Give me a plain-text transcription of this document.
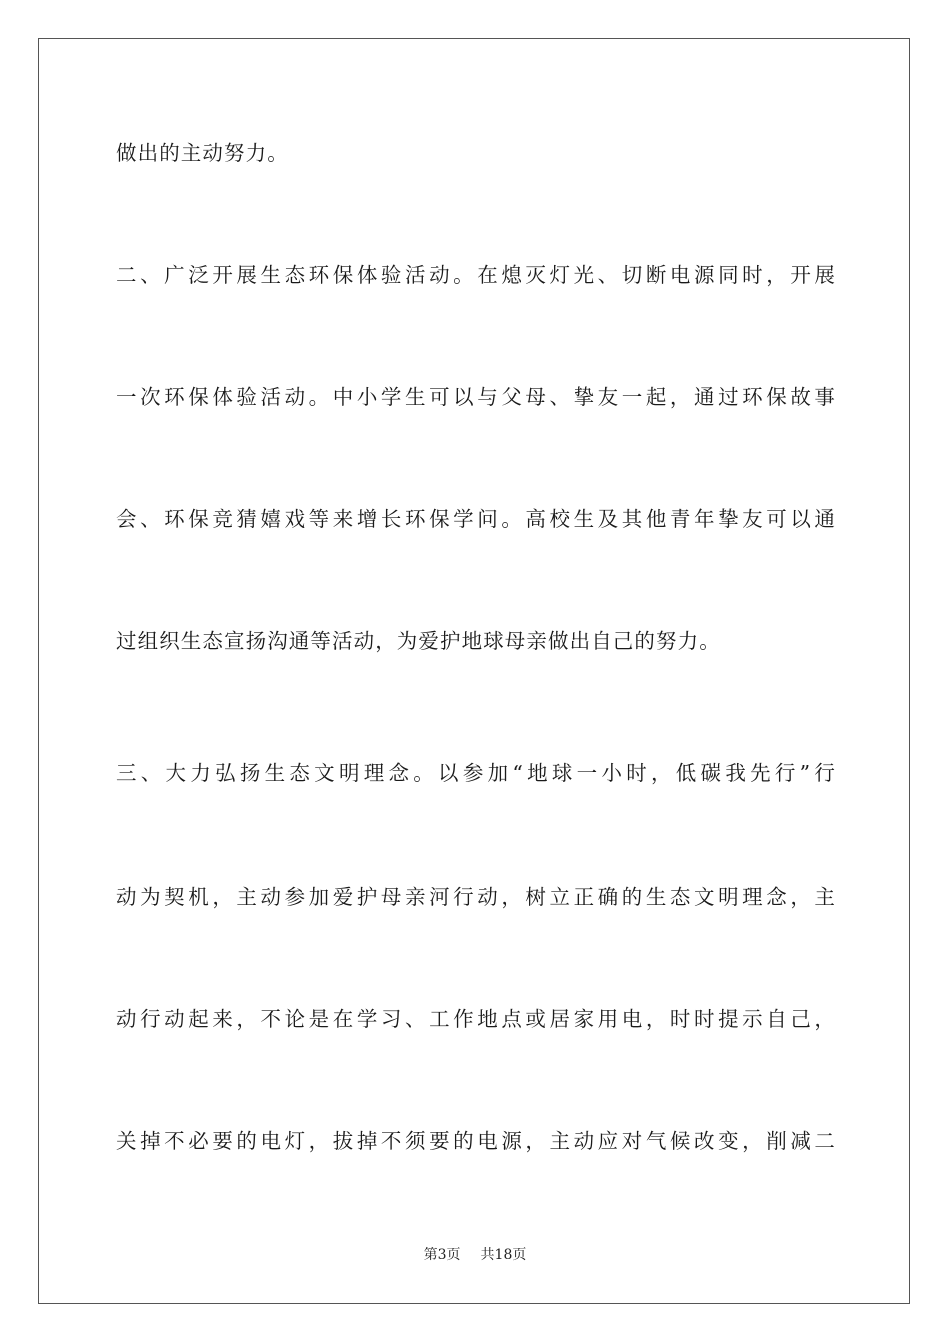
做出的主动努力。
二、广泛开展生态环保体验活动。在熄灭灯光、切断电源同时，开展
一次环保体验活动。中小学生可以与父母、挚友一起，通过环保故事
会、环保竞猜嬉戏等来增长环保学问。高校生及其他青年挚友可以通
过组织生态宣扬沟通等活动，为爱护地球母亲做出自己的努力。
三、大力弘扬生态文明理念。以参加“地球一小时，低碳我先行”行
动为契机，主动参加爱护母亲河行动，树立正确的生态文明理念，主
动行动起来，不论是在学习、工作地点或居家用电，时时提示自己，
关掉不必要的电灯，拔掉不须要的电源，主动应对气候改变，削减二
第3页 共18页
